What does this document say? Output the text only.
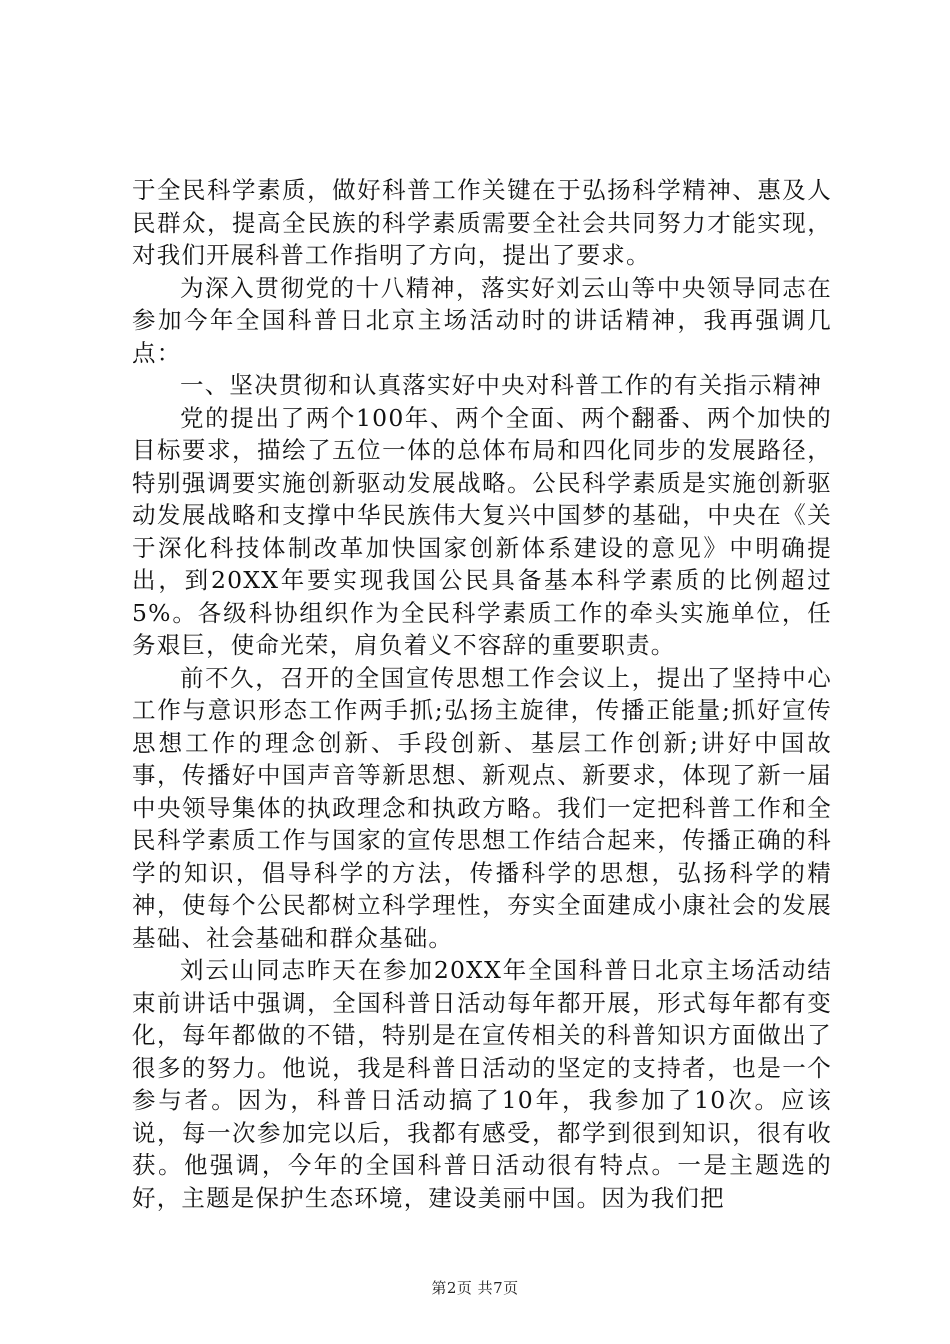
于全民科学素质，做好科普工作关键在于弘扬科学精神、惠及人民群众，提高全民族的科学素质需要全社会共同努力才能实现，对我们开展科普工作指明了方向，提出了要求。

为深入贯彻党的十八精神，落实好刘云山等中央领导同志在参加今年全国科普日北京主场活动时的讲话精神，我再强调几点：

一、坚决贯彻和认真落实好中央对科普工作的有关指示精神

党的提出了两个100年、两个全面、两个翻番、两个加快的目标要求，描绘了五位一体的总体布局和四化同步的发展路径，特别强调要实施创新驱动发展战略。公民科学素质是实施创新驱动发展战略和支撑中华民族伟大复兴中国梦的基础，中央在《关于深化科技体制改革加快国家创新体系建设的意见》中明确提出，到20XX年要实现我国公民具备基本科学素质的比例超过5%。各级科协组织作为全民科学素质工作的牵头实施单位，任务艰巨，使命光荣，肩负着义不容辞的重要职责。

前不久，召开的全国宣传思想工作会议上，提出了坚持中心工作与意识形态工作两手抓;弘扬主旋律，传播正能量;抓好宣传思想工作的理念创新、手段创新、基层工作创新;讲好中国故事，传播好中国声音等新思想、新观点、新要求，体现了新一届中央领导集体的执政理念和执政方略。我们一定把科普工作和全民科学素质工作与国家的宣传思想工作结合起来，传播正确的科学的知识，倡导科学的方法，传播科学的思想，弘扬科学的精神，使每个公民都树立科学理性，夯实全面建成小康社会的发展基础、社会基础和群众基础。

刘云山同志昨天在参加20XX年全国科普日北京主场活动结束前讲话中强调，全国科普日活动每年都开展，形式每年都有变化，每年都做的不错，特别是在宣传相关的科普知识方面做出了很多的努力。他说，我是科普日活动的坚定的支持者，也是一个参与者。因为，科普日活动搞了10年，我参加了10次。应该说，每一次参加完以后，我都有感受，都学到很到知识，很有收获。他强调，今年的全国科普日活动很有特点。一是主题选的好，主题是保护生态环境，建设美丽中国。因为我们把

第2页 共7页
